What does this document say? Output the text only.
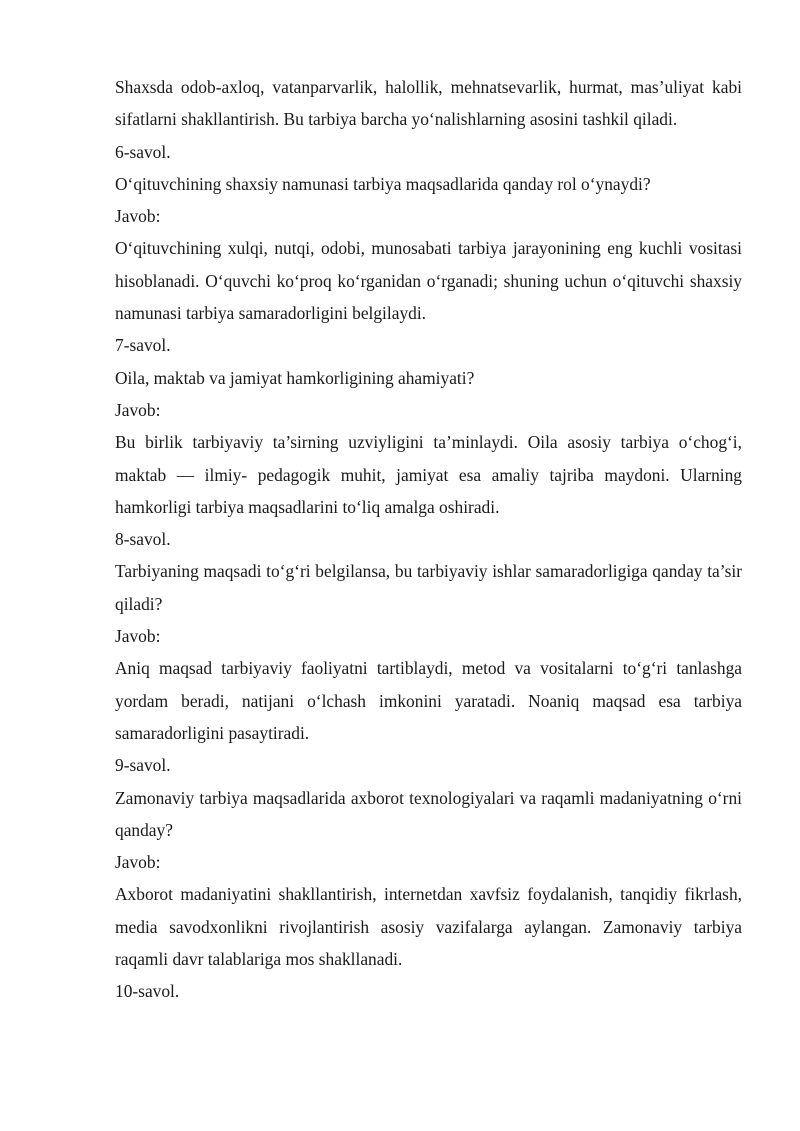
Shaxsda odob-axloq, vatanparvarlik, halollik, mehnatsevarlik, hurmat, mas’uliyat kabi sifatlarni shakllantirish. Bu tarbiya barcha yo‘nalishlarning asosini tashkil qiladi.

6-savol.

O‘qituvchining shaxsiy namunasi tarbiya maqsadlarida qanday rol o‘ynaydi?

Javob:

O‘qituvchining xulqi, nutqi, odobi, munosabati tarbiya jarayonining eng kuchli vositasi hisoblanadi. O‘quvchi ko‘proq ko‘rganidan o‘rganadi; shuning uchun o‘qituvchi shaxsiy namunasi tarbiya samaradorligini belgilaydi.

7-savol.

Oila, maktab va jamiyat hamkorligining ahamiyati?

Javob:

Bu birlik tarbiyaviy ta’sirning uzviyligini ta’minlaydi. Oila asosiy tarbiya o‘chog‘i, maktab — ilmiy- pedagogik muhit, jamiyat esa amaliy tajriba maydoni. Ularning hamkorligi tarbiya maqsadlarini to‘liq amalga oshiradi.

8-savol.

Tarbiyaning maqsadi to‘g‘ri belgilansa, bu tarbiyaviy ishlar samaradorligiga qanday ta’sir qiladi?

Javob:

Aniq maqsad tarbiyaviy faoliyatni tartiblaydi, metod va vositalarni to‘g‘ri tanlashga yordam beradi, natijani o‘lchash imkonini yaratadi. Noaniq maqsad esa tarbiya samaradorligini pasaytiradi.

9-savol.

Zamonaviy tarbiya maqsadlarida axborot texnologiyalari va raqamli madaniyatning o‘rni qanday?

Javob:

Axborot madaniyatini shakllantirish, internetdan xavfsiz foydalanish, tanqidiy fikrlash, media savodxonlikni rivojlantirish asosiy vazifalarga aylangan. Zamonaviy tarbiya raqamli davr talablariga mos shakllanadi.

10-savol.
